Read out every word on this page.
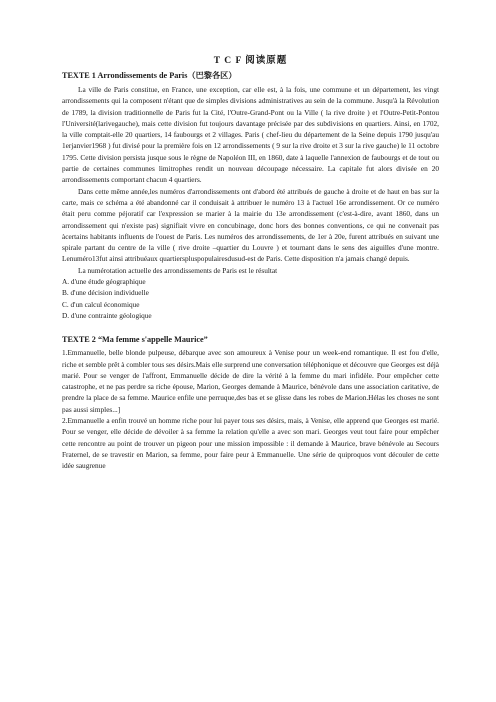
T C F 阅读原题
TEXTE 1 Arrondissements de Paris（巴黎各区）

La ville de Paris constitue, en France, une exception, car elle est, à la fois, une commune et un département, les vingt arrondissements qui la composent n'étant que de simples divisions administratives au sein de la commune. Jusqu'à la Révolution de 1789, la division traditionnelle de Paris fut la Cité, l'Outre-Grand-Pont ou la Ville ( la rive droite ) et l'Outre-Petit-Pontou l'Université(larivegauche), mais cette division fut toujours davantage précisée par des subdivisions en quartiers. Ainsi, en 1702, la ville comptait-elle 20 quartiers, 14 faubourgs et 2 villages. Paris ( chef-lieu du département de la Seine depuis 1790 jusqu'au 1erjanvier1968 ) fut divisé pour la première fois en 12 arrondissements ( 9 sur la rive droite et 3 sur la rive gauche) le 11 octobre 1795. Cette division persista jusque sous le règne de Napoléon III, en 1860, date à laquelle l'annexion de faubourgs et de tout ou partie de certaines communes limitrophes rendit un nouveau découpage nécessaire. La capitale fut alors divisée en 20 arrondissements comportant chacun 4 quartiers.

Dans cette même année,les numéros d'arrondissements ont d'abord été attribués de gauche à droite et de haut en bas sur la carte, mais ce schéma a été abandonné car il conduisait à attribuer le numéro 13 à l'actuel 16e arrondissement. Or ce numéro était peru comme péjoratif car l'expression se marier à la mairie du 13e arrondissement (c'est-à-dire, avant 1860, dans un arrondissement qui n'existe pas) signifiait vivre en concubinage, donc hors des bonnes conventions, ce qui ne convenait pas àcertains habitants influents de l'ouest de Paris. Les numéros des arrondissements, de 1er à 20e, furent attribués en suivant une spirale partant du centre de la ville ( rive droite –quartier du Louvre ) et tournant dans le sens des aiguilles d'une montre. Lenuméro13fut ainsi attribuéaux quartierspluspopulairesdusud-est de Paris. Cette disposition n'a jamais changé depuis.

La numérotation actuelle des arrondissements de Paris est le résultat

A. d'une étude géographique

B. d'une décision individuelle

C. d'un calcul économique

D. d'une contrainte géologique

TEXTE 2 “Ma femme s'appelle Maurice”

1.Emmanuelle, belle blonde pulpeuse, débarque avec son amoureux à Venise pour un week-end romantique. Il est fou d'elle, riche et semble prêt à combler tous ses désirs.Mais elle surprend une conversation téléphonique et découvre que Georges est déjà marié. Pour se venger de l'affront, Emmanuelle décide de dire la vérité à la femme du mari infidèle. Pour empêcher cette catastrophe, et ne pas perdre sa riche épouse, Marion, Georges demande à Maurice, bénévole dans une association caritative, de prendre la place de sa femme. Maurice enfile une perruque,des bas et se glisse dans les robes de Marion.Hélas les choses ne sont pas aussi simples...]

2.Emmanuelle a enfin trouvé un homme riche pour lui payer tous ses désirs, mais, à Venise, elle apprend que Georges est marié. Pour se venger, elle décide de dévoiler à sa femme la relation qu'elle a avec son mari. Georges veut tout faire pour empêcher cette rencontre au point de trouver un pigeon pour une mission impossible : il demande à Maurice, brave bénévole au Secours Fraternel, de se travestir en Marion, sa femme, pour faire peur à Emmanuelle. Une série de quiproquos vont découler de cette idée saugrenue
